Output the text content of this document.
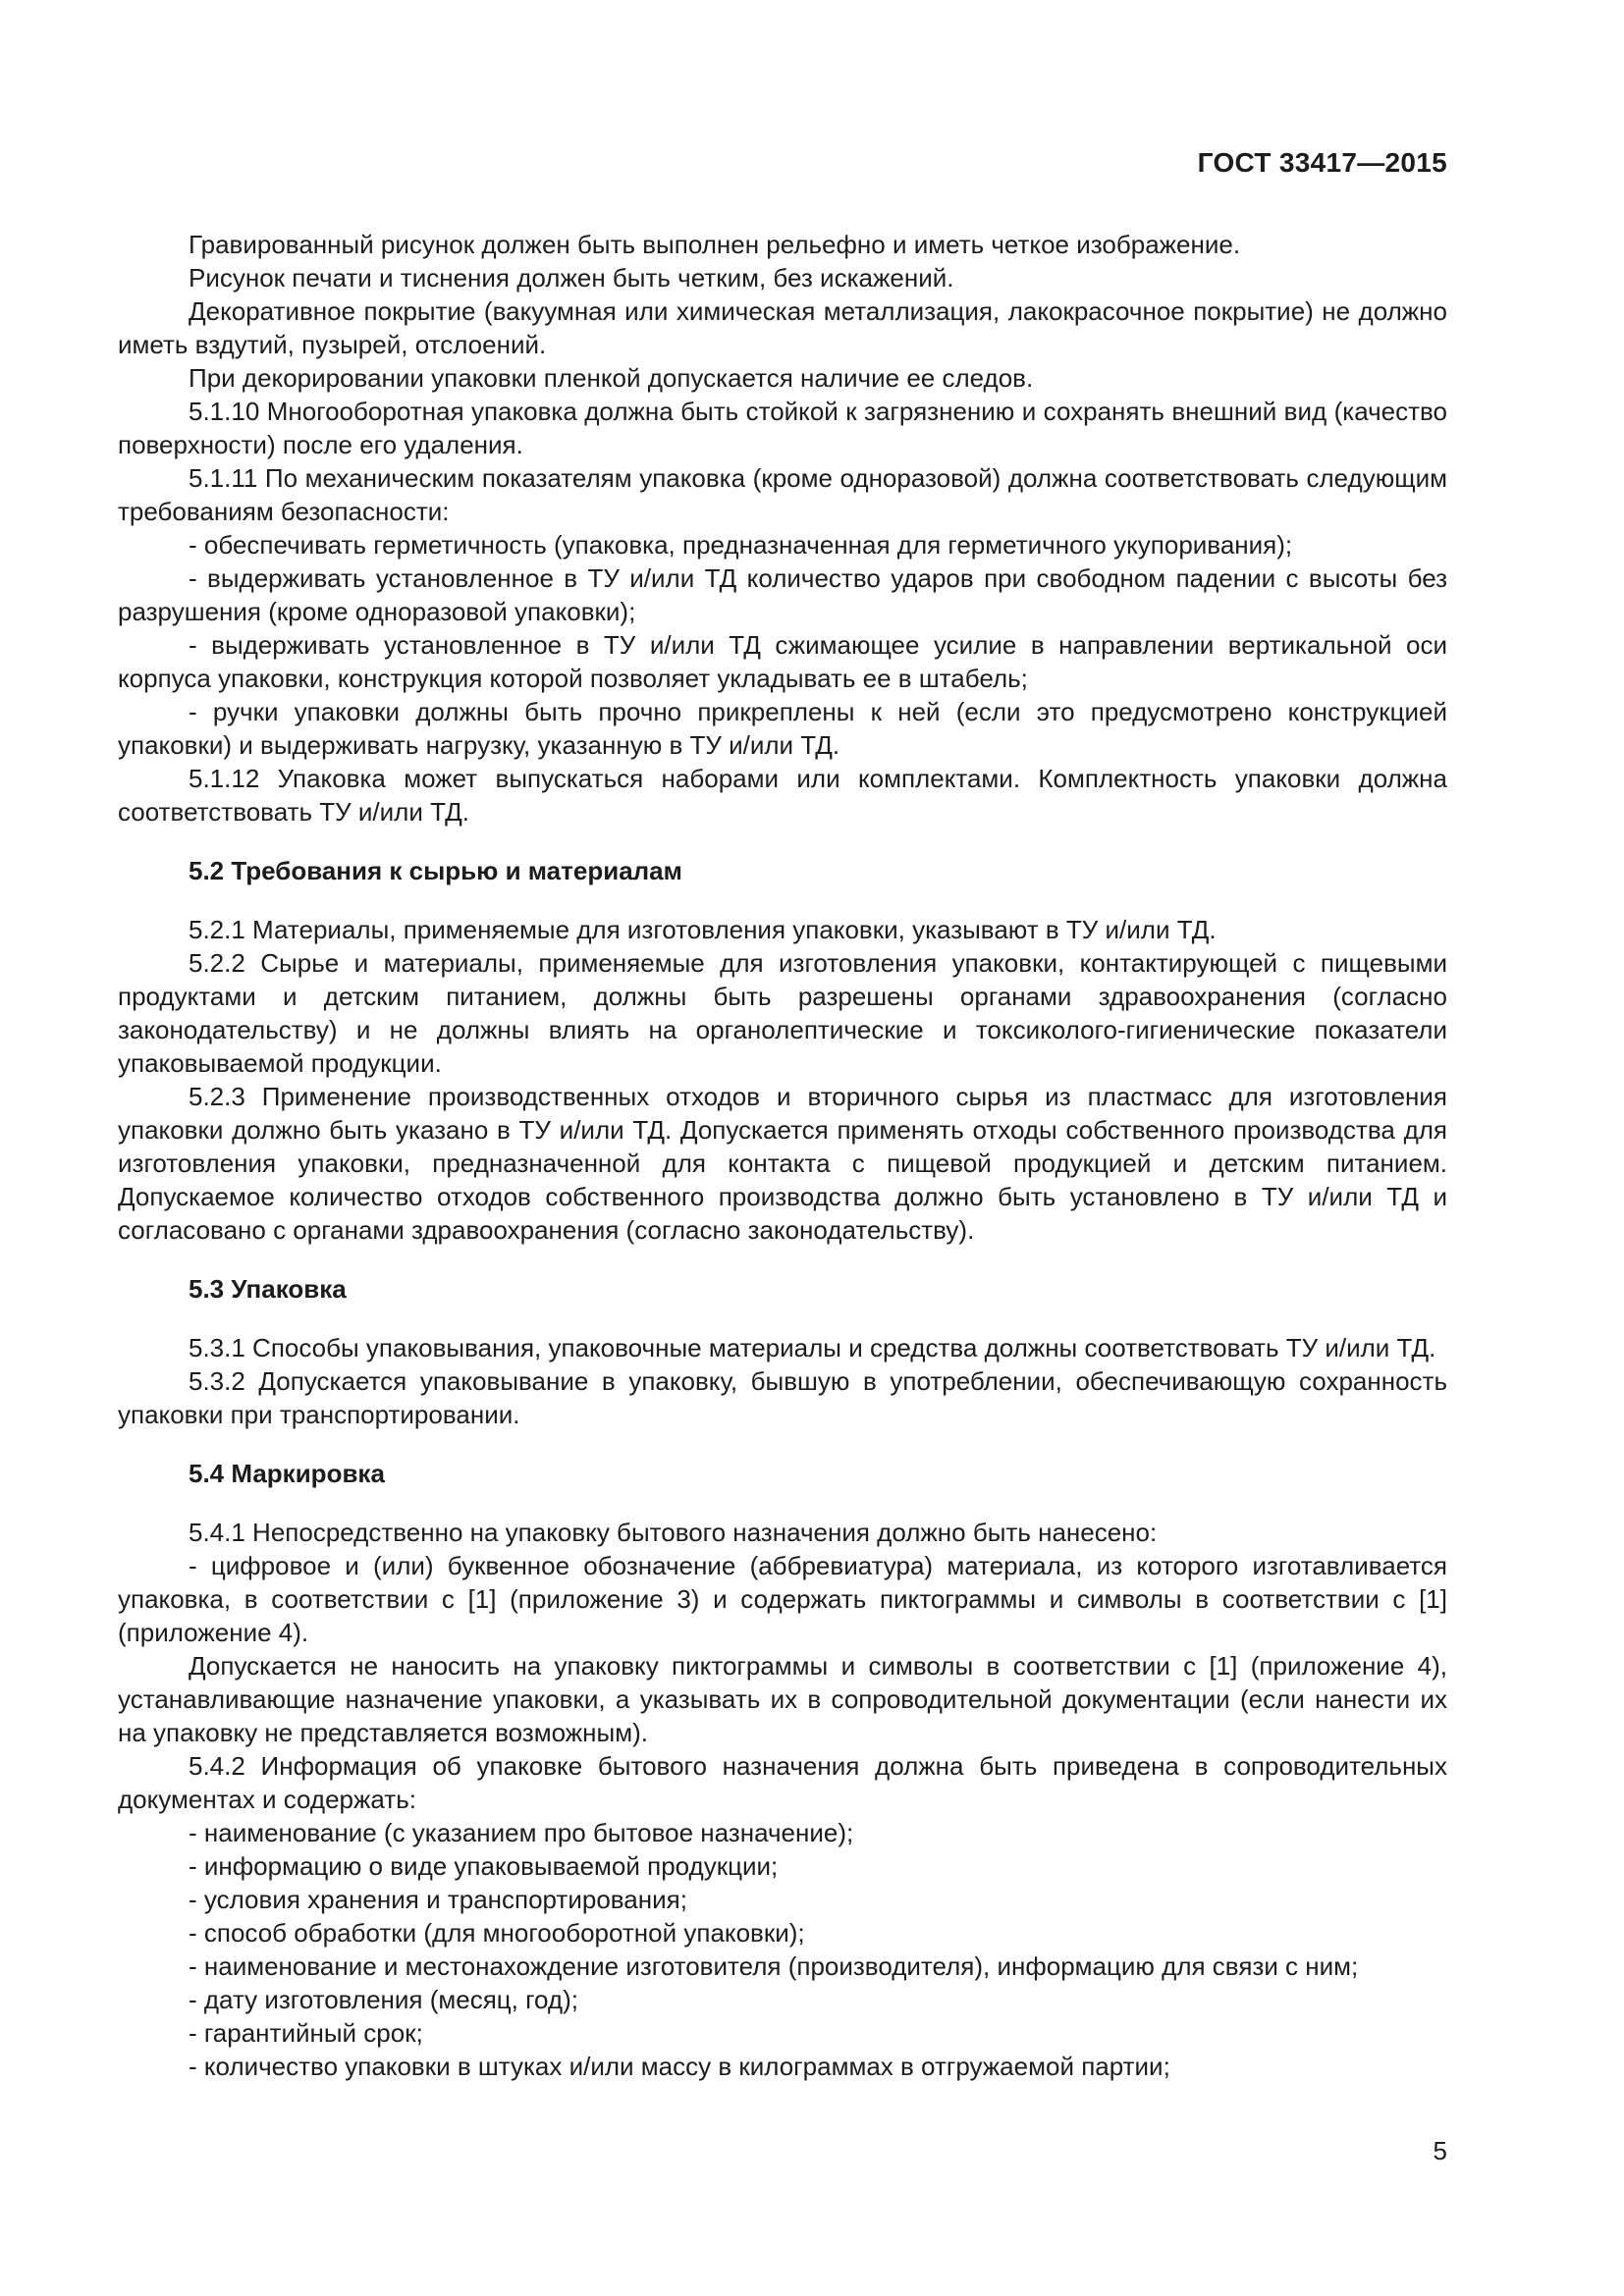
ГОСТ 33417—2015

Гравированный рисунок должен быть выполнен рельефно и иметь четкое изображение.

Рисунок печати и тиснения должен быть четким, без искажений.

Декоративное покрытие (вакуумная или химическая металлизация, лакокрасочное покрытие) не должно иметь вздутий, пузырей, отслоений.

При декорировании упаковки пленкой допускается наличие ее следов.

5.1.10 Многооборотная упаковка должна быть стойкой к загрязнению и сохранять внешний вид (качество поверхности) после его удаления.

5.1.11 По механическим показателям упаковка (кроме одноразовой) должна соответствовать следующим требованиям безопасности:

- обеспечивать герметичность (упаковка, предназначенная для герметичного укупоривания);

- выдерживать установленное в ТУ и/или ТД количество ударов при свободном падении с высоты без разрушения (кроме одноразовой упаковки);

- выдерживать установленное в ТУ и/или ТД сжимающее усилие в направлении вертикальной оси корпуса упаковки, конструкция которой позволяет укладывать ее в штабель;

- ручки упаковки должны быть прочно прикреплены к ней (если это предусмотрено конструкцией упаковки) и выдерживать нагрузку, указанную в ТУ и/или ТД.

5.1.12 Упаковка может выпускаться наборами или комплектами. Комплектность упаковки должна соответствовать ТУ и/или ТД.

5.2 Требования к сырью и материалам

5.2.1 Материалы, применяемые для изготовления упаковки, указывают в ТУ и/или ТД.

5.2.2 Сырье и материалы, применяемые для изготовления упаковки, контактирующей с пищевыми продуктами и детским питанием, должны быть разрешены органами здравоохранения (согласно законодательству) и не должны влиять на органолептические и токсиколого-гигиенические показатели упаковываемой продукции.

5.2.3 Применение производственных отходов и вторичного сырья из пластмасс для изготовления упаковки должно быть указано в ТУ и/или ТД. Допускается применять отходы собственного производства для изготовления упаковки, предназначенной для контакта с пищевой продукцией и детским питанием. Допускаемое количество отходов собственного производства должно быть установлено в ТУ и/или ТД и согласовано с органами здравоохранения (согласно законодательству).

5.3 Упаковка

5.3.1 Способы упаковывания, упаковочные материалы и средства должны соответствовать ТУ и/или ТД.

5.3.2 Допускается упаковывание в упаковку, бывшую в употреблении, обеспечивающую сохранность упаковки при транспортировании.

5.4 Маркировка

5.4.1 Непосредственно на упаковку бытового назначения должно быть нанесено:

- цифровое и (или) буквенное обозначение (аббревиатура) материала, из которого изготавливается упаковка, в соответствии с [1] (приложение 3) и содержать пиктограммы и символы в соответствии с [1] (приложение 4).

Допускается не наносить на упаковку пиктограммы и символы в соответствии с [1] (приложение 4), устанавливающие назначение упаковки, а указывать их в сопроводительной документации (если нанести их на упаковку не представляется возможным).

5.4.2 Информация об упаковке бытового назначения должна быть приведена в сопроводительных документах и содержать:

- наименование (с указанием про бытовое назначение);

- информацию о виде упаковываемой продукции;

- условия хранения и транспортирования;

- способ обработки (для многооборотной упаковки);

- наименование и местонахождение изготовителя (производителя), информацию для связи с ним;

- дату изготовления (месяц, год);

- гарантийный срок;

- количество упаковки в штуках и/или массу в килограммах в отгружаемой партии;

5
